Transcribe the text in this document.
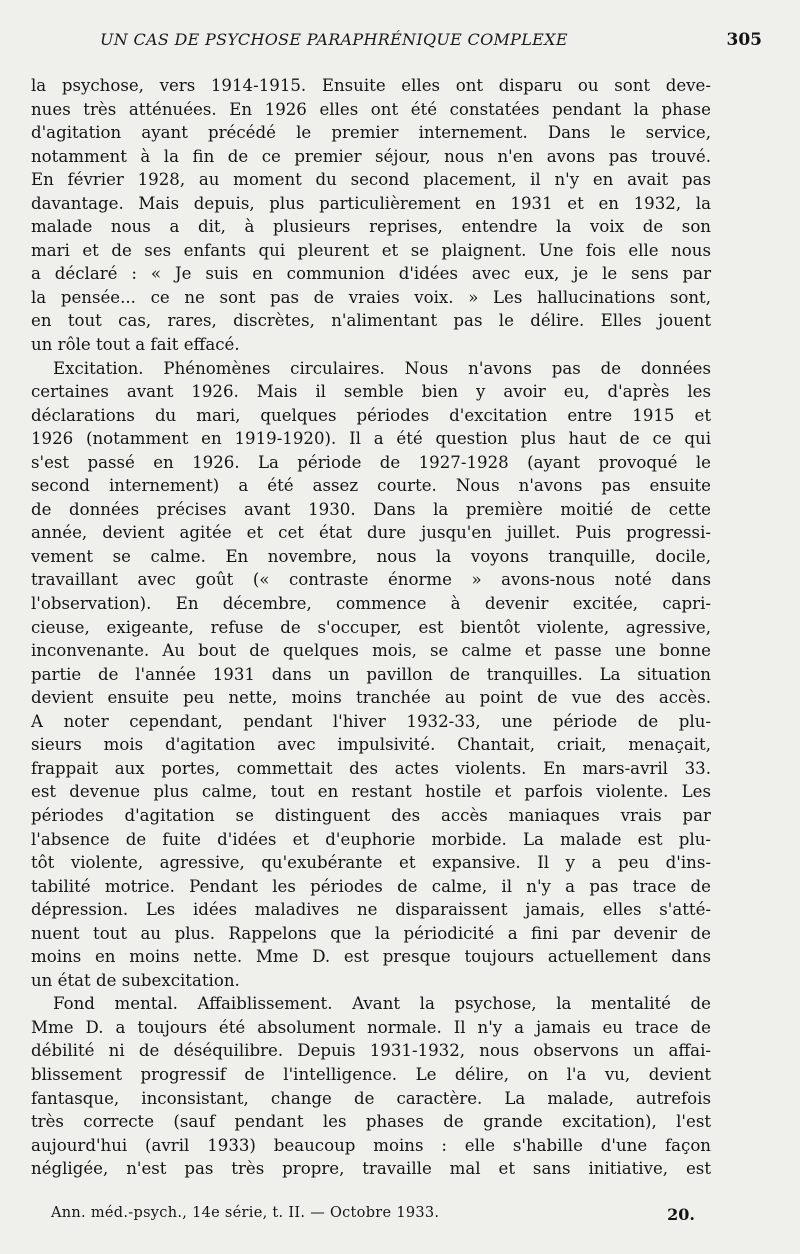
UN CAS DE PSYCHOSE PARAPHRÉNIQUE COMPLEXE	305
la psychose, vers 1914-1915. Ensuite elles ont disparu ou sont deve-
nues très atténuées. En 1926 elles ont été constatées pendant la phase
d'agitation ayant précédé le premier internement. Dans le service,
notamment à la fin de ce premier séjour, nous n'en avons pas trouvé.
En février 1928, au moment du second placement, il n'y en avait pas
davantage. Mais depuis, plus particulièrement en 1931 et en 1932, la
malade nous a dit, à plusieurs reprises, entendre la voix de son
mari et de ses enfants qui pleurent et se plaignent. Une fois elle nous
a déclaré : « Je suis en communion d'idées avec eux, je le sens par
la pensée... ce ne sont pas de vraies voix. » Les hallucinations sont,
en tout cas, rares, discrètes, n'alimentant pas le délire. Elles jouent
un rôle tout a fait effacé.
Excitation. Phénomènes circulaires. Nous n'avons pas de données
certaines avant 1926. Mais il semble bien y avoir eu, d'après les
déclarations du mari, quelques périodes d'excitation entre 1915 et
1926 (notamment en 1919-1920). Il a été question plus haut de ce qui
s'est passé en 1926. La période de 1927-1928 (ayant provoqué le
second internement) a été assez courte. Nous n'avons pas ensuite
de données précises avant 1930. Dans la première moitié de cette
année, devient agitée et cet état dure jusqu'en juillet. Puis progressi-
vement se calme. En novembre, nous la voyons tranquille, docile,
travaillant avec goût (« contraste énorme » avons-nous noté dans
l'observation). En décembre, commence à devenir excitée, capri-
cieuse, exigeante, refuse de s'occuper, est bientôt violente, agressive,
inconvenante. Au bout de quelques mois, se calme et passe une bonne
partie de l'année 1931 dans un pavillon de tranquilles. La situation
devient ensuite peu nette, moins tranchée au point de vue des accès.
A noter cependant, pendant l'hiver 1932-33, une période de plu-
sieurs mois d'agitation avec impulsivité. Chantait, criait, menaçait,
frappait aux portes, commettait des actes violents. En mars-avril 33.
est devenue plus calme, tout en restant hostile et parfois violente. Les
périodes d'agitation se distinguent des accès maniaques vrais par
l'absence de fuite d'idées et d'euphorie morbide. La malade est plu-
tôt violente, agressive, qu'exubérante et expansive. Il y a peu d'ins-
tabilité motrice. Pendant les périodes de calme, il n'y a pas trace de
dépression. Les idées maladives ne disparaissent jamais, elles s'atté-
nuent tout au plus. Rappelons que la périodicité a fini par devenir de
moins en moins nette. Mme D. est presque toujours actuellement dans
un état de subexcitation.
Fond mental. Affaiblissement. Avant la psychose, la mentalité de
Mme D. a toujours été absolument normale. Il n'y a jamais eu trace de
débilité ni de déséquilibre. Depuis 1931-1932, nous observons un affai-
blissement progressif de l'intelligence. Le délire, on l'a vu, devient
fantasque, inconsistant, change de caractère. La malade, autrefois
très correcte (sauf pendant les phases de grande excitation), l'est
aujourd'hui (avril 1933) beaucoup moins : elle s'habille d'une façon
négligée, n'est pas très propre, travaille mal et sans initiative, est
Ann. méd.-psych., 14e série, t. II. — Octobre 1933.	20.
